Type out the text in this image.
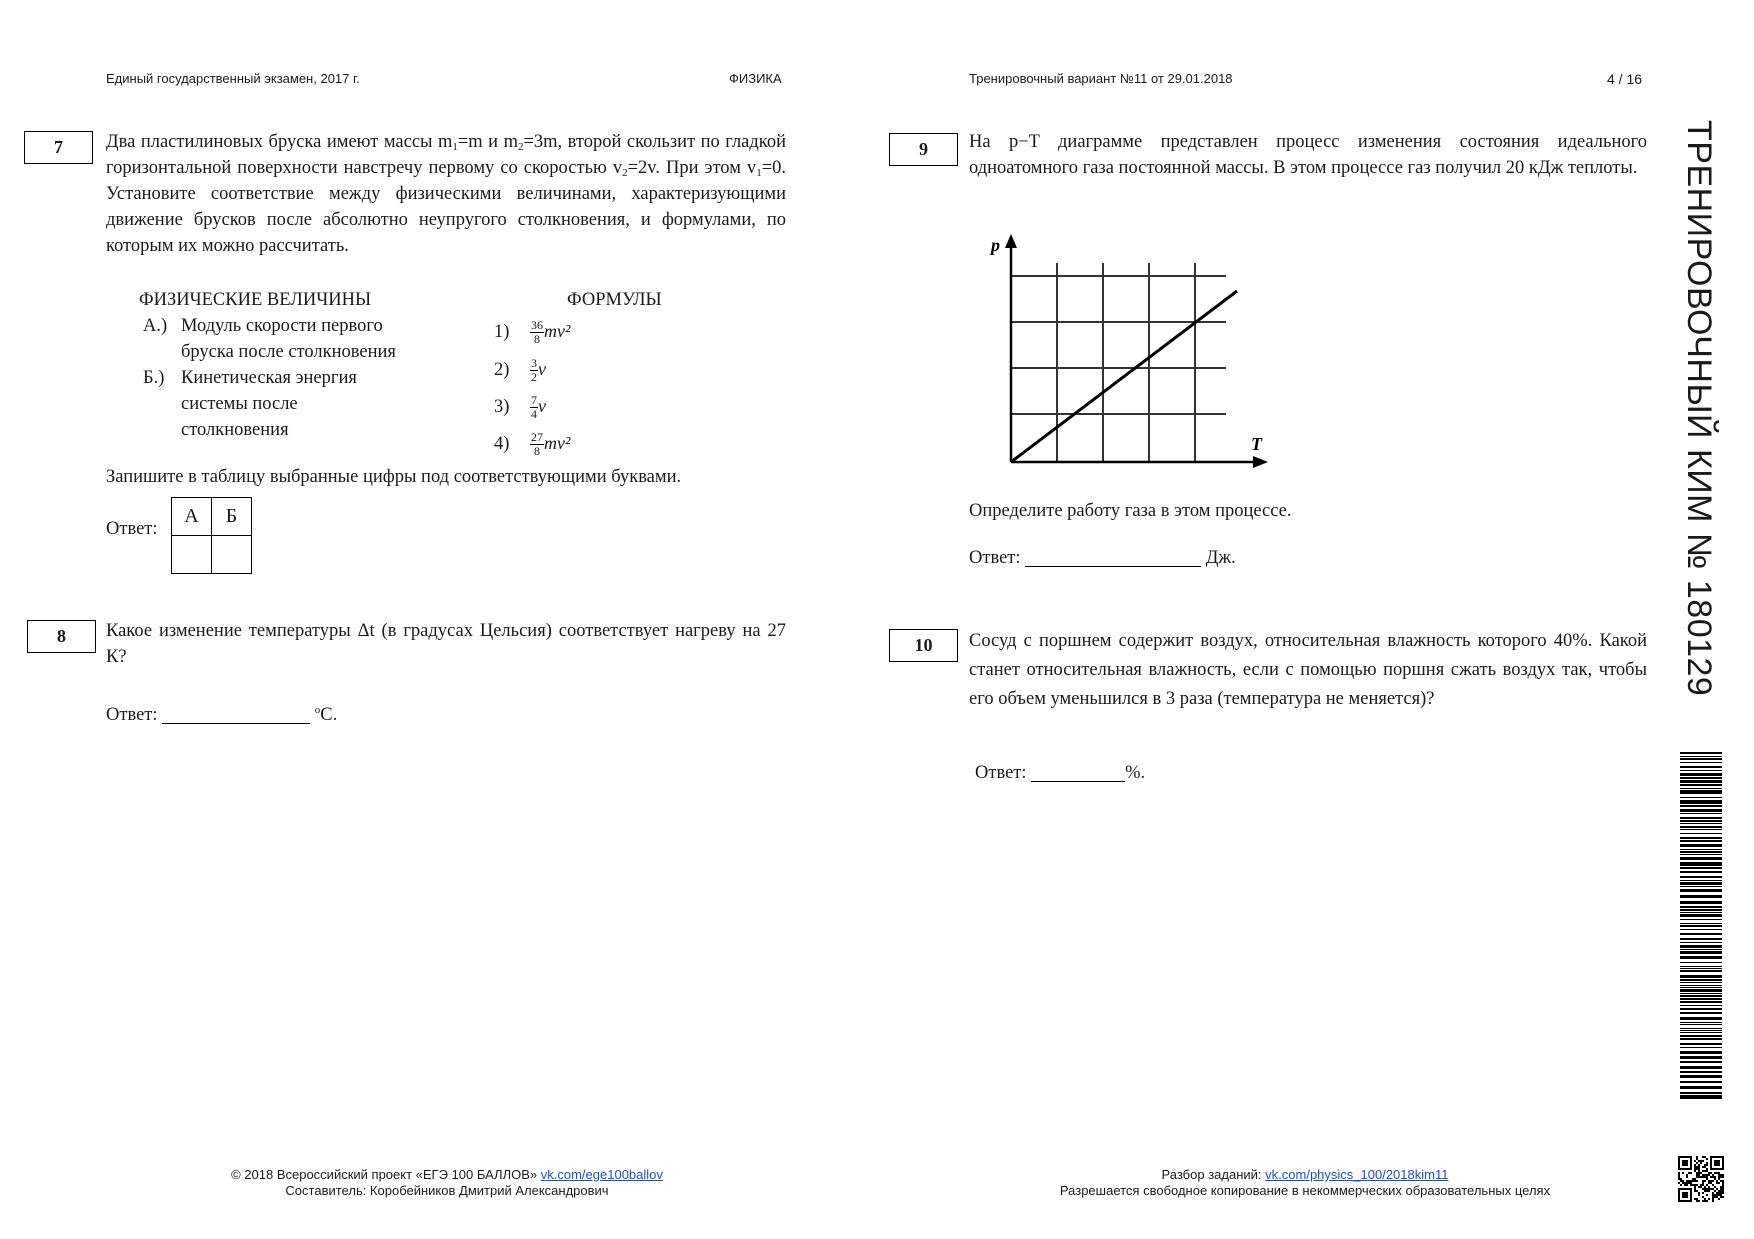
Единый государственный экзамен, 2017 г.	ФИЗИКА	Тренировочный вариант №11 от 29.01.2018	4 / 16
ТРЕНИРОВОЧНЫЙ КИМ № 180129
7	Два пластилиновых бруска имеют массы $m_1=m$ и $m_2=3m$, второй скользит по гладкой горизонтальной поверхности навстречу первому со скоростью $v_2=2v$. При этом $v_1=0$. Установите соответствие между физическими величинами, характеризующими движение брусков после абсолютно неупругого столкновения, и формулами, по которым их можно рассчитать.
ФИЗИЧЕСКИЕ ВЕЛИЧИНЫ	ФОРМУЛЫ
А.) Модуль скорости первого
бруска после столкновения
Б.) Кинетическая энергия
системы после
столкновения
$1) \frac{36}{8} mv^2$
$2) \frac{3}{2}$ v
$3) \frac{7}{4}$ v
$4) \frac{27}{8} mv^2$
Запишите в таблицу выбранные цифры под соответствующими буквами.
Ответ:
А	Б

8	Какое изменение температуры Δt (в градусах Цельсия) соответствует нагреву на 27 К?
Ответ:	$^o$С.
9	На p−T диаграмме представлен процесс изменения состояния идеального одноатомного газа постоянной массы. В этом процессе газ получил 20 кДж теплоты.
p
T
Определите работу газа в этом процессе.
Ответ:	Дж.
10	Сосуд с поршнем содержит воздух, относительная влажность которого 40%. Какой станет относительная влажность, если с помощью поршня сжать воздух так, чтобы его объем уменьшился в 3 раза (температура не меняется)?
Ответ:	%.
© 2018 Всероссийский проект «ЕГЭ 100 БАЛЛОВ» vk.com/ege100ballov
Составитель: Коробейников Дмитрий Александрович
Разбор заданий: vk.com/physics_100/2018kim11
Разрешается свободное копирование в некоммерческих образовательных целях
